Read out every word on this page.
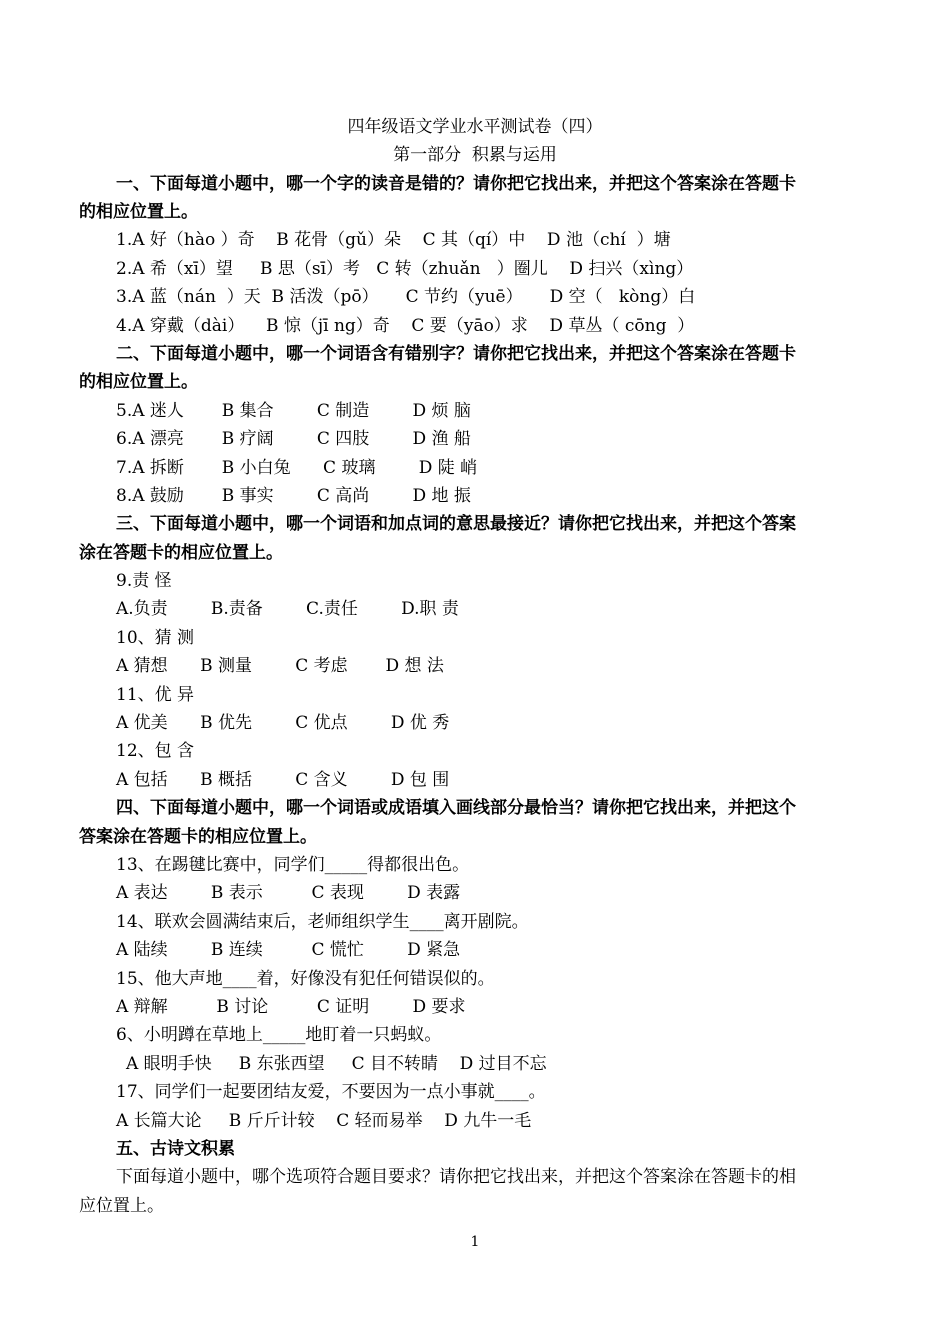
四年级语文学业水平测试卷（四）
第一部分  积累与运用
一、下面每道小题中，哪一个字的读音是错的？请你把它找出来，并把这个答案涂在答题卡
的相应位置上。
1.A 好（hào ）奇    B 花骨（gǔ）朵    C 其（qí）中    D 池（chí  ）塘
2.A 希（xī）望     B 思（sī）考   C 转（zhuǎn   ）圈儿    D 扫兴（xìng）
3.A 蓝（nán  ）天  B 活泼（pō）     C 节约（yuē）     D 空（   kòng）白
4.A 穿戴（dài）    B 惊（jī ng）奇    C 要（yāo）求    D 草丛（ cōng  ）
二、下面每道小题中，哪一个词语含有错别字？请你把它找出来，并把这个答案涂在答题卡
的相应位置上。
5.A 迷人       B 集合        C 制造        D 烦 脑
6.A 漂亮       B 疗阔        C 四肢        D 渔 船
7.A 拆断       B 小白兔      C 玻璃        D 陡 峭
8.A 鼓励       B 事实        C 高尚        D 地 振
三、下面每道小题中，哪一个词语和加点词的意思最接近？请你把它找出来，并把这个答案
涂在答题卡的相应位置上。
9.责 怪
A.负责        B.责备        C.责任        D.职 责
10、猜 测
A 猜想      B 测量        C 考虑       D 想 法
11、优 异
A 优美      B 优先        C 优点        D 优 秀
12、包 含
A 包括      B 概括        C 含义        D 包 围
四、下面每道小题中，哪一个词语或成语填入画线部分最恰当？请你把它找出来，并把这个
答案涂在答题卡的相应位置上。
13、在踢毽比赛中，同学们_____得都很出色。
A 表达        B 表示         C 表现        D 表露
14、联欢会圆满结束后，老师组织学生____离开剧院。
A 陆续        B 连续         C 慌忙        D 紧急
15、他大声地____着，好像没有犯任何错误似的。
A 辩解         B 讨论         C 证明        D 要求
6、小明蹲在草地上_____地盯着一只蚂蚁。
A 眼明手快     B 东张西望     C 目不转睛    D 过目不忘
17、同学们一起要团结友爱，不要因为一点小事就____。
A 长篇大论     B 斤斤计较    C 轻而易举    D 九牛一毛
五、古诗文积累
下面每道小题中，哪个选项符合题目要求？请你把它找出来，并把这个答案涂在答题卡的相
应位置上。
1
